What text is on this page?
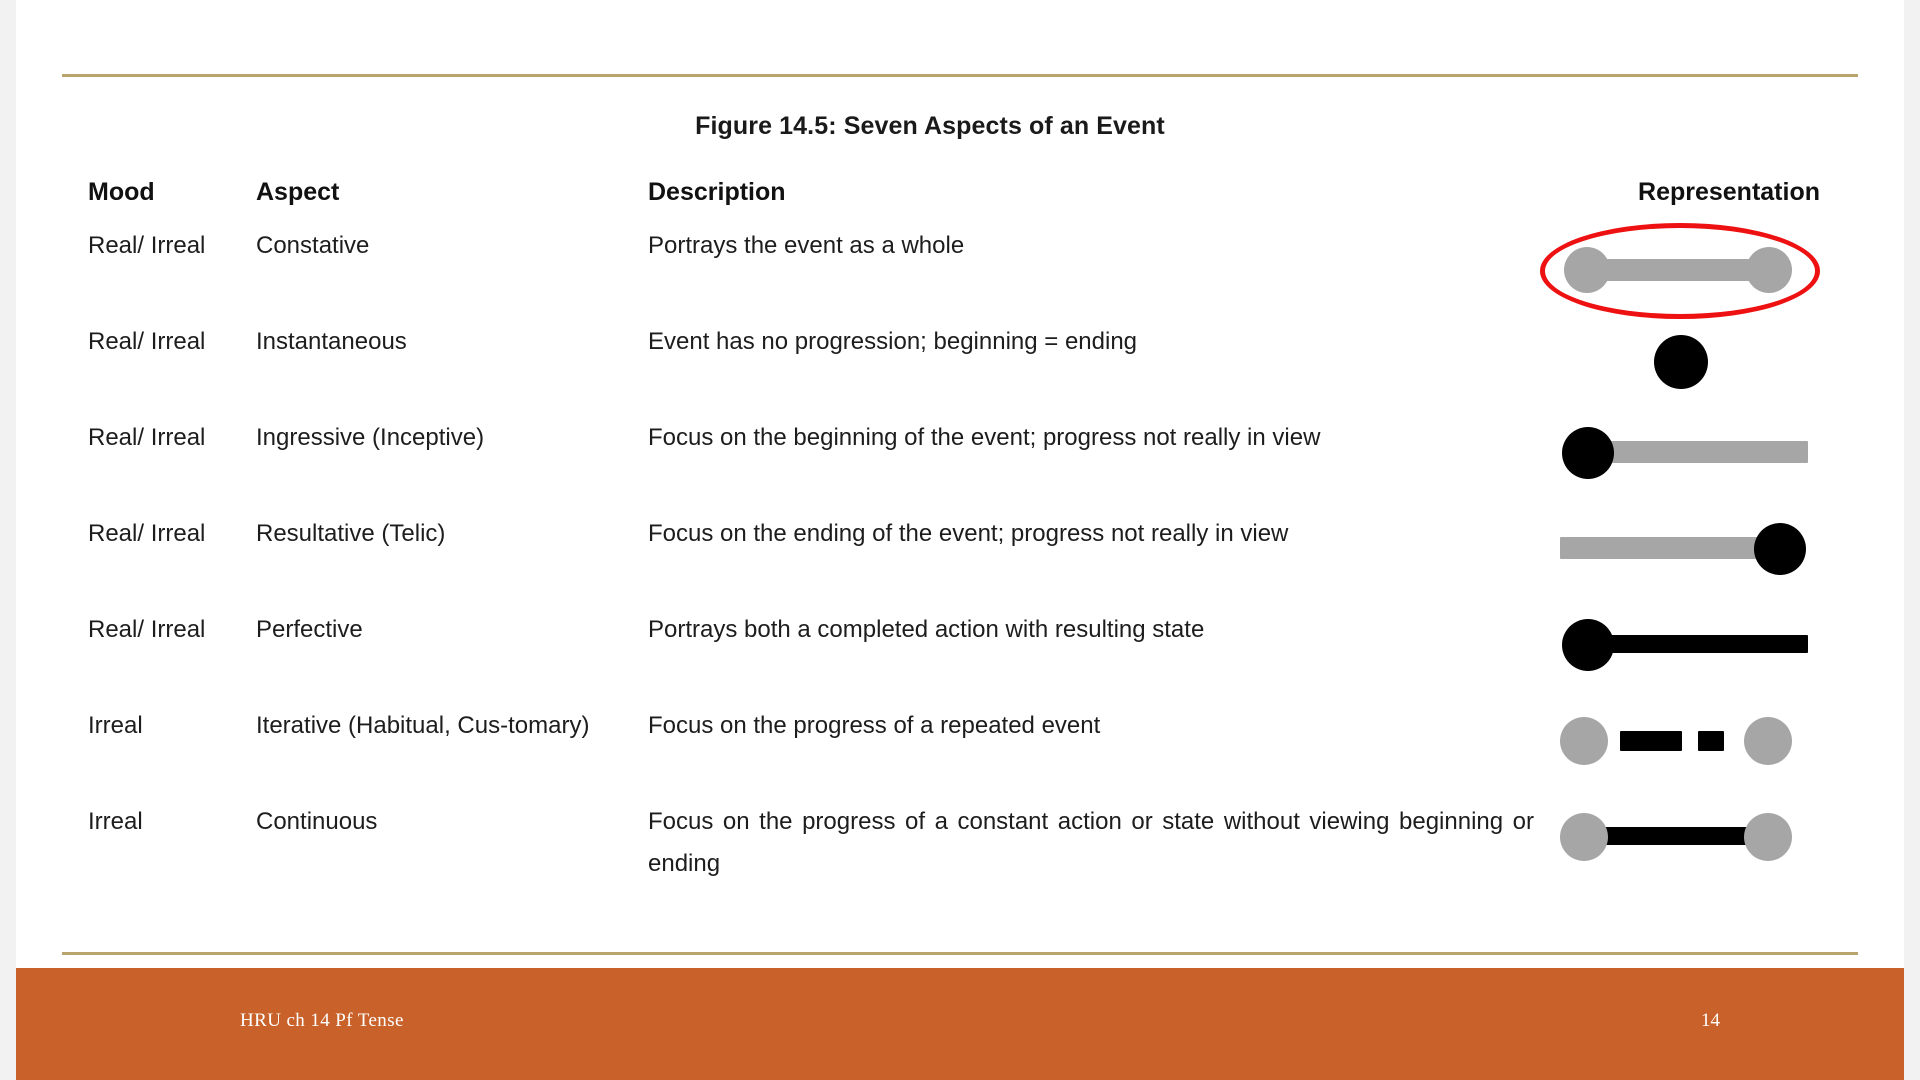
Figure 14.5: Seven Aspects of an Event
Mood	Aspect	Description	Representation
Real/ Irreal	Constative	Portrays the event as a whole
Real/ Irreal	Instantaneous	Event has no progression; beginning = ending
Real/ Irreal	Ingressive (Inceptive)	Focus on the beginning of the event; progress not really in view
Real/ Irreal	Resultative (Telic)	Focus on the ending of the event; progress not really in view
Real/ Irreal	Perfective	Portrays both a completed action with resulting state
Irreal	Iterative (Habitual, Cus-tomary)	Focus on the progress of a repeated event
Irreal	Continuous	Focus on the progress of a constant action or state without viewing beginning or ending
HRU ch 14 Pf Tense	14
